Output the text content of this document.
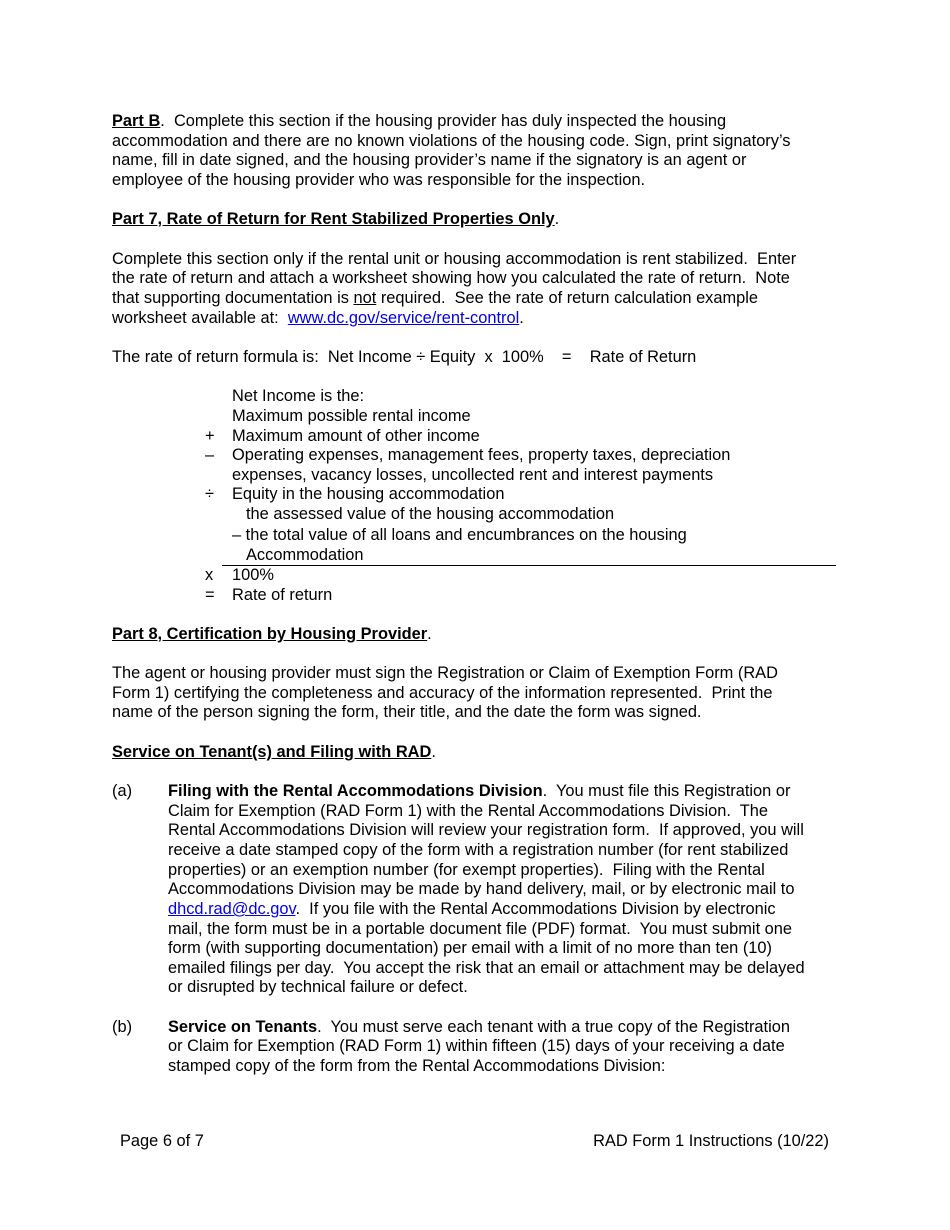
Part B.  Complete this section if the housing provider has duly inspected the housing
accommodation and there are no known violations of the housing code. Sign, print signatory’s
name, fill in date signed, and the housing provider’s name if the signatory is an agent or
employee of the housing provider who was responsible for the inspection.
Part 7, Rate of Return for Rent Stabilized Properties Only.
Complete this section only if the rental unit or housing accommodation is rent stabilized.  Enter
the rate of return and attach a worksheet showing how you calculated the rate of return.  Note
that supporting documentation is not required.  See the rate of return calculation example
worksheet available at:  www.dc.gov/service/rent-control.
The rate of return formula is:  Net Income ÷ Equity  x  100%    =    Rate of Return
Net Income is the:
Maximum possible rental income
+ Maximum amount of other income
– Operating expenses, management fees, property taxes, depreciation
expenses, vacancy losses, uncollected rent and interest payments
÷ Equity in the housing accommodation
the assessed value of the housing accommodation
– the total value of all loans and encumbrances on the housing
Accommodation
x 100%
= Rate of return
Part 8, Certification by Housing Provider.
The agent or housing provider must sign the Registration or Claim of Exemption Form (RAD
Form 1) certifying the completeness and accuracy of the information represented.  Print the
name of the person signing the form, their title, and the date the form was signed.
Service on Tenant(s) and Filing with RAD.
(a) Filing with the Rental Accommodations Division.  You must file this Registration or
Claim for Exemption (RAD Form 1) with the Rental Accommodations Division.  The
Rental Accommodations Division will review your registration form.  If approved, you will
receive a date stamped copy of the form with a registration number (for rent stabilized
properties) or an exemption number (for exempt properties).  Filing with the Rental
Accommodations Division may be made by hand delivery, mail, or by electronic mail to
dhcd.rad@dc.gov.  If you file with the Rental Accommodations Division by electronic
mail, the form must be in a portable document file (PDF) format.  You must submit one
form (with supporting documentation) per email with a limit of no more than ten (10)
emailed filings per day.  You accept the risk that an email or attachment may be delayed
or disrupted by technical failure or defect.
(b) Service on Tenants.  You must serve each tenant with a true copy of the Registration
or Claim for Exemption (RAD Form 1) within fifteen (15) days of your receiving a date
stamped copy of the form from the Rental Accommodations Division:
Page 6 of 7	RAD Form 1 Instructions (10/22)
